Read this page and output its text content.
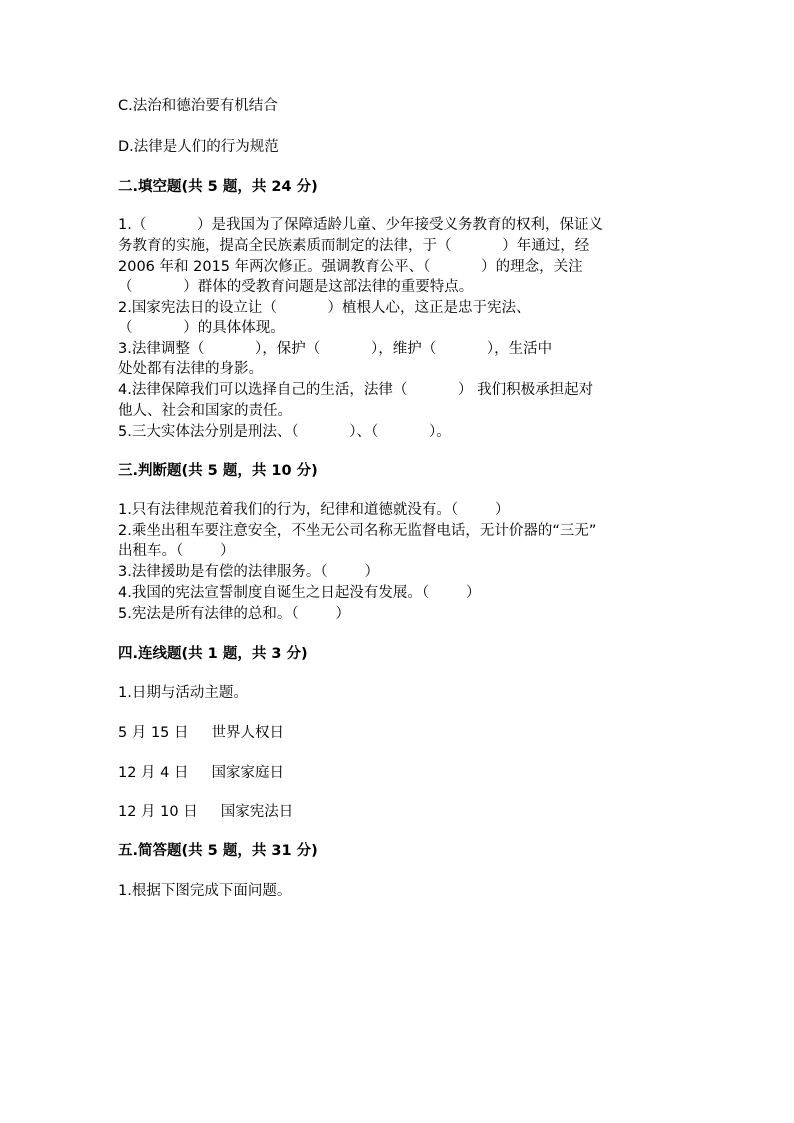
C.法治和德治要有机结合
D.法律是人们的行为规范
二.填空题(共 5 题，共 24 分)
1.（           ）是我国为了保障适龄儿童、少年接受义务教育的权利，保证义
务教育的实施，提高全民族素质而制定的法律，于（           ）年通过，经
2006 年和 2015 年两次修正。强调教育公平、（           ）的理念，关注
（           ）群体的受教育问题是这部法律的重要特点。
2.国家宪法日的设立让（           ）植根人心，这正是忠于宪法、
（           ）的具体体现。
3.法律调整（           ），保护（           ），维护（           ），生活中
处处都有法律的身影。
4.法律保障我们可以选择自己的生活，法律（           ） 我们积极承担起对
他人、社会和国家的责任。
5.三大实体法分别是刑法、（           ）、（           ）。
三.判断题(共 5 题，共 10 分)
1.只有法律规范着我们的行为，纪律和道德就没有。（        ）
2.乘坐出租车要注意安全，不坐无公司名称无监督电话，无计价器的“三无”
出租车。（        ）
3.法律援助是有偿的法律服务。（        ）
4.我国的宪法宣誓制度自诞生之日起没有发展。（        ）
5.宪法是所有法律的总和。（        ）
四.连线题(共 1 题，共 3 分)
1.日期与活动主题。
5 月 15 日     世界人权日
12 月 4 日     国家家庭日
12 月 10 日     国家宪法日
五.简答题(共 5 题，共 31 分)
1.根据下图完成下面问题。
